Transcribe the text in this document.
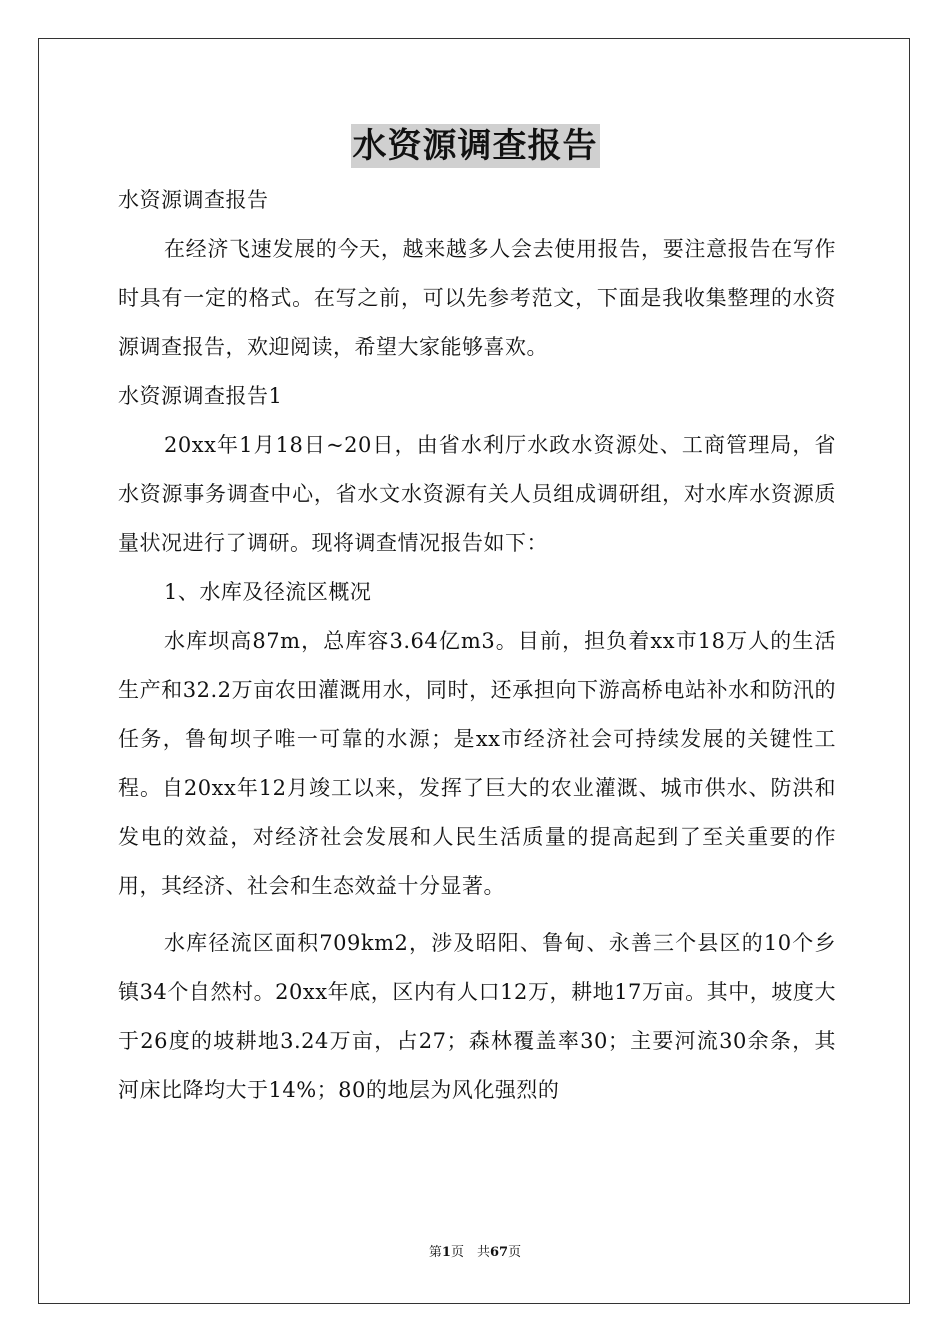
水资源调查报告

水资源调查报告

在经济飞速发展的今天，越来越多人会去使用报告，要注意报告在写作时具有一定的格式。在写之前，可以先参考范文，下面是我收集整理的水资源调查报告，欢迎阅读，希望大家能够喜欢。

水资源调查报告1

20xx年1月18日~20日，由省水利厅水政水资源处、工商管理局，省水资源事务调查中心，省水文水资源有关人员组成调研组，对水库水资源质量状况进行了调研。现将调查情况报告如下：

1、水库及径流区概况

水库坝高87m，总库容3.64亿m3。目前，担负着xx市18万人的生活生产和32.2万亩农田灌溉用水，同时，还承担向下游高桥电站补水和防汛的任务，鲁甸坝子唯一可靠的水源；是xx市经济社会可持续发展的关键性工程。自20xx年12月竣工以来，发挥了巨大的农业灌溉、城市供水、防洪和发电的效益，对经济社会发展和人民生活质量的提高起到了至关重要的作用，其经济、社会和生态效益十分显著。

水库径流区面积709km2，涉及昭阳、鲁甸、永善三个县区的10个乡镇34个自然村。20xx年底，区内有人口12万，耕地17万亩。其中，坡度大于26度的坡耕地3.24万亩，占27；森林覆盖率30；主要河流30余条，其河床比降均大于14%；80的地层为风化强烈的

第1页　共67页
